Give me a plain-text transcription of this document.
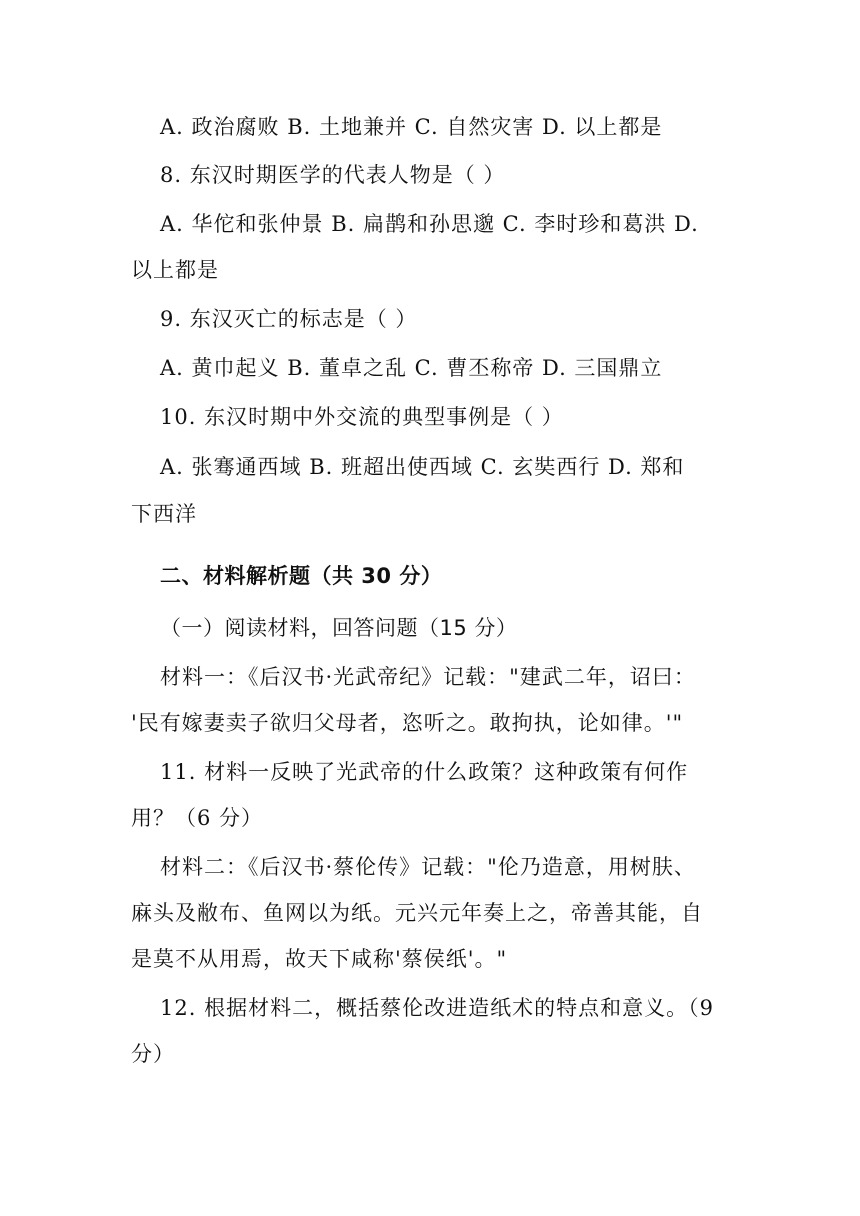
A. 政治腐败 B. 土地兼并 C. 自然灾害 D. 以上都是
8. 东汉时期医学的代表人物是（ ）
A. 华佗和张仲景 B. 扁鹊和孙思邈 C. 李时珍和葛洪 D.
以上都是
9. 东汉灭亡的标志是（ ）
A. 黄巾起义 B. 董卓之乱 C. 曹丕称帝 D. 三国鼎立
10. 东汉时期中外交流的典型事例是（ ）
A. 张骞通西域 B. 班超出使西域 C. 玄奘西行 D. 郑和
下西洋
二、材料解析题（共 30 分）
（一）阅读材料，回答问题（15 分）
材料一：《后汉书·光武帝纪》记载："建武二年，诏曰：
'民有嫁妻卖子欲归父母者，恣听之。敢拘执，论如律。'"
11. 材料一反映了光武帝的什么政策？这种政策有何作
用？（6 分）
材料二：《后汉书·蔡伦传》记载："伦乃造意，用树肤、
麻头及敝布、鱼网以为纸。元兴元年奏上之，帝善其能，自
是莫不从用焉，故天下咸称'蔡侯纸'。"
12. 根据材料二，概括蔡伦改进造纸术的特点和意义。（9
分）
